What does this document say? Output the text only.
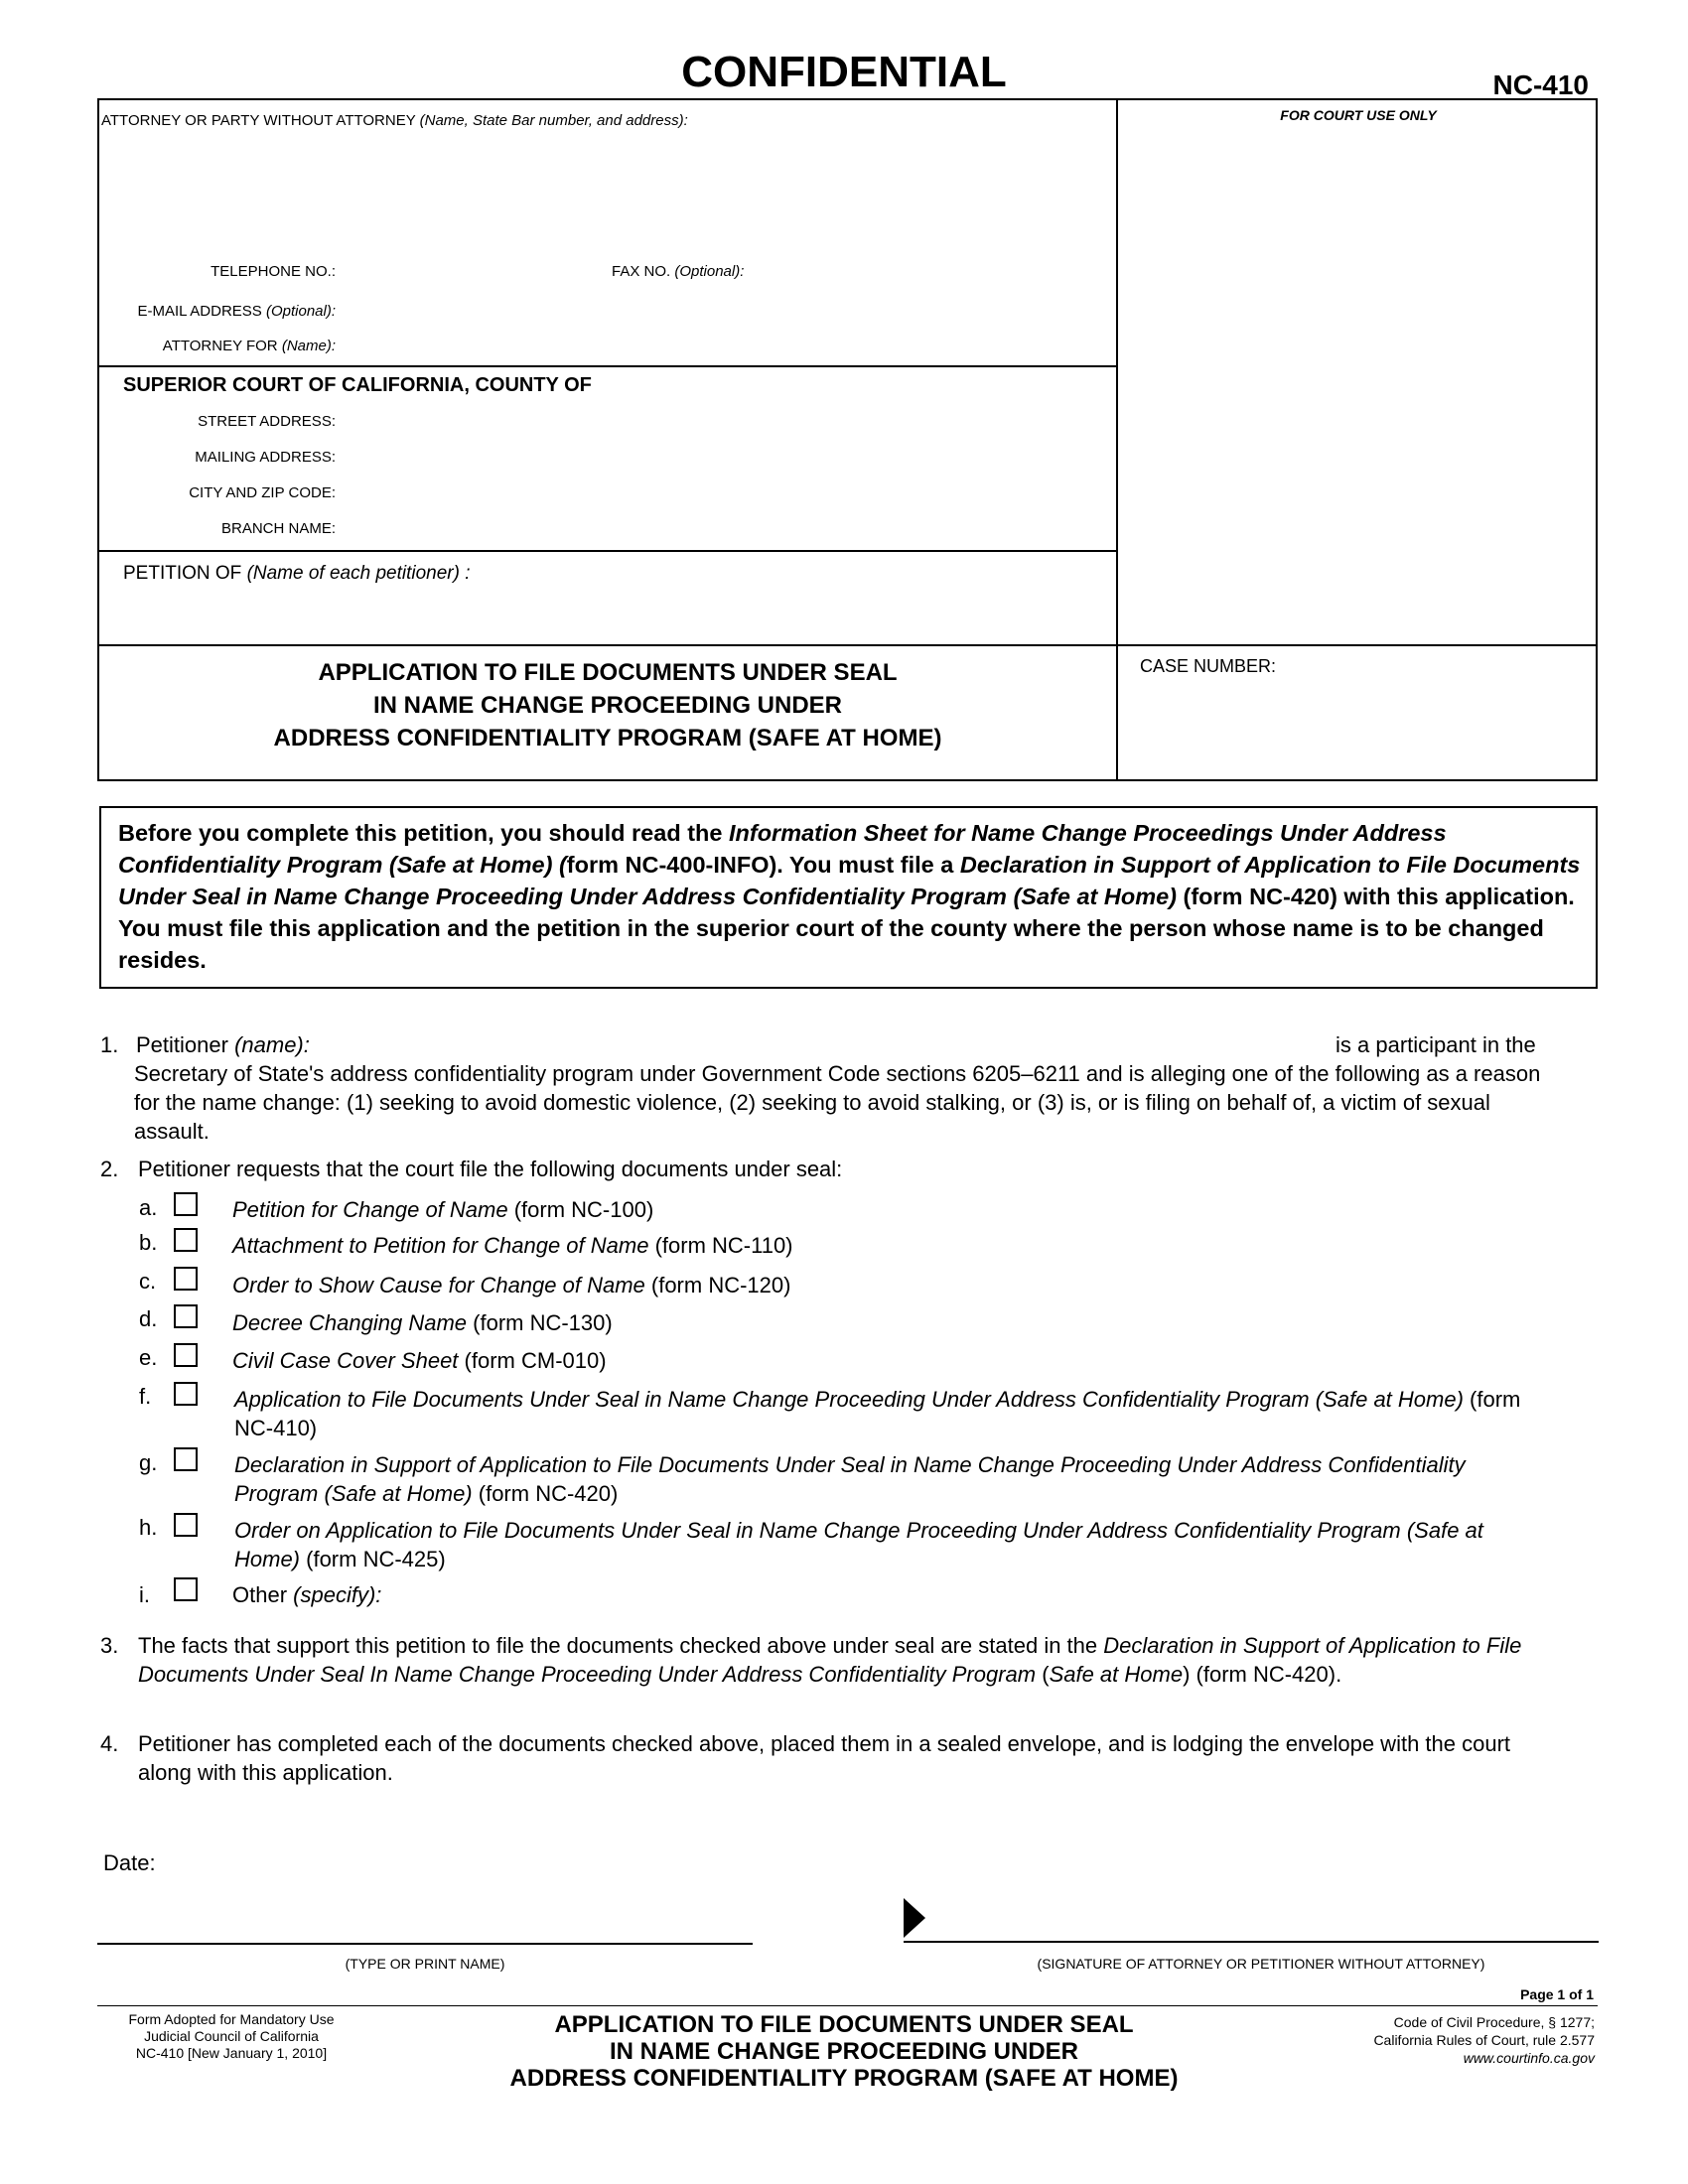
CONFIDENTIAL	NC-410
ATTORNEY OR PARTY WITHOUT ATTORNEY (Name, State Bar number, and address):
TELEPHONE NO.:	FAX NO. (Optional):
E-MAIL ADDRESS (Optional):
ATTORNEY FOR (Name):
FOR COURT USE ONLY
SUPERIOR COURT OF CALIFORNIA, COUNTY OF
STREET ADDRESS:
MAILING ADDRESS:
CITY AND ZIP CODE:
BRANCH NAME:
PETITION OF (Name of each petitioner) :
APPLICATION TO FILE DOCUMENTS UNDER SEAL
IN NAME CHANGE PROCEEDING UNDER
ADDRESS CONFIDENTIALITY PROGRAM (SAFE AT HOME)
CASE NUMBER:
Before you complete this petition, you should read the Information Sheet for Name Change Proceedings Under Address Confidentiality Program (Safe at Home) (form NC-400-INFO). You must file a Declaration in Support of Application to File Documents Under Seal in Name Change Proceeding Under Address Confidentiality Program (Safe at Home) (form NC-420) with this application. You must file this application and the petition in the superior court of the county where the person whose name is to be changed resides.
1. Petitioner (name):	is a participant in the
Secretary of State's address confidentiality program under Government Code sections 6205–6211 and is alleging one of the following as a reason for the name change: (1) seeking to avoid domestic violence, (2) seeking to avoid stalking, or (3) is, or is filing on behalf of, a victim of sexual assault.
2. Petitioner requests that the court file the following documents under seal:
a.	Petition for Change of Name (form NC-100)
b.	Attachment to Petition for Change of Name (form NC-110)
c.	Order to Show Cause for Change of Name (form NC-120)
d.	Decree Changing Name (form NC-130)
e.	Civil Case Cover Sheet (form CM-010)
f.	Application to File Documents Under Seal in Name Change Proceeding Under Address Confidentiality Program (Safe at Home) (form NC-410)
g.	Declaration in Support of Application to File Documents Under Seal in Name Change Proceeding Under Address Confidentiality Program (Safe at Home) (form NC-420)
h.	Order on Application to File Documents Under Seal in Name Change Proceeding Under Address Confidentiality Program (Safe at Home) (form NC-425)
i.	Other (specify):
3. The facts that support this petition to file the documents checked above under seal are stated in the Declaration in Support of Application to File Documents Under Seal In Name Change Proceeding Under Address Confidentiality Program (Safe at Home) (form NC-420).
4. Petitioner has completed each of the documents checked above, placed them in a sealed envelope, and is lodging the envelope with the court along with this application.
Date:
(TYPE OR PRINT NAME)	(SIGNATURE OF ATTORNEY OR PETITIONER WITHOUT ATTORNEY)
Page 1 of 1
Form Adopted for Mandatory Use
Judicial Council of California
NC-410 [New January 1, 2010]
APPLICATION TO FILE DOCUMENTS UNDER SEAL
IN NAME CHANGE PROCEEDING UNDER
ADDRESS CONFIDENTIALITY PROGRAM (SAFE AT HOME)
Code of Civil Procedure, § 1277;
California Rules of Court, rule 2.577
www.courtinfo.ca.gov
